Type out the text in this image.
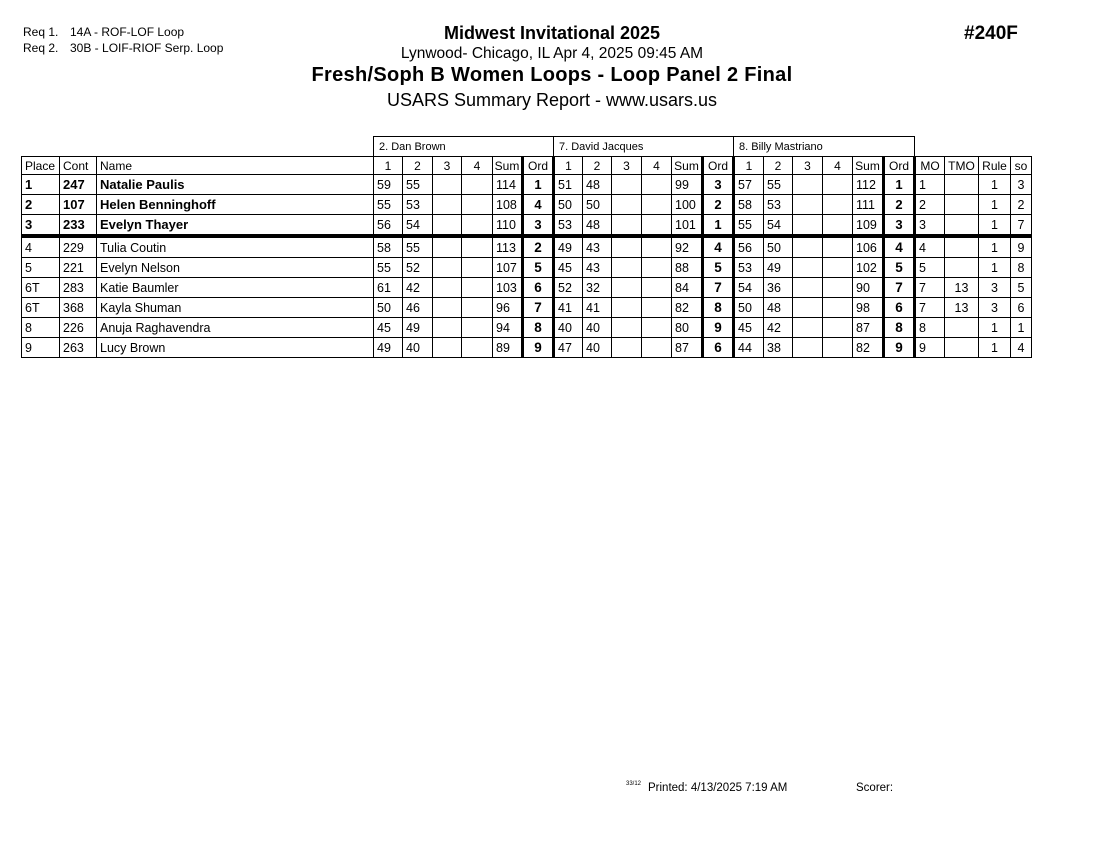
Req 1. 14A - ROF-LOF Loop
Req 2. 30B - LOIF-RIOF Serp. Loop
#240F
Midwest Invitational 2025
Lynwood- Chicago, IL Apr 4, 2025 09:45 AM
Fresh/Soph B Women Loops - Loop Panel 2 Final
USARS Summary Report - www.usars.us
			2. Dan Brown						7. David Jacques						8. Billy Mastriano									
Place	Cont	Name	1	2	3	4	Sum	Ord	1	2	3	4	Sum	Ord	1	2	3	4	Sum	Ord	MO	TMO	Rule	so
1	247	Natalie Paulis	59	55			114	1	51	48			99	3	57	55			112	1	1		1	3
2	107	Helen Benninghoff	55	53			108	4	50	50			100	2	58	53			111	2	2		1	2
3	233	Evelyn Thayer	56	54			110	3	53	48			101	1	55	54			109	3	3		1	7
4	229	Tulia Coutin	58	55			113	2	49	43			92	4	56	50			106	4	4		1	9
5	221	Evelyn Nelson	55	52			107	5	45	43			88	5	53	49			102	5	5		1	8
6T	283	Katie Baumler	61	42			103	6	52	32			84	7	54	36			90	7	7	13	3	5
6T	368	Kayla Shuman	50	46			96	7	41	41			82	8	50	48			98	6	7	13	3	6
8	226	Anuja Raghavendra	45	49			94	8	40	40			80	9	45	42			87	8	8		1	1
9	263	Lucy Brown	49	40			89	9	47	40			87	6	44	38			82	9	9		1	4
33/12 Printed: 4/13/2025 7:19 AM	Scorer:
